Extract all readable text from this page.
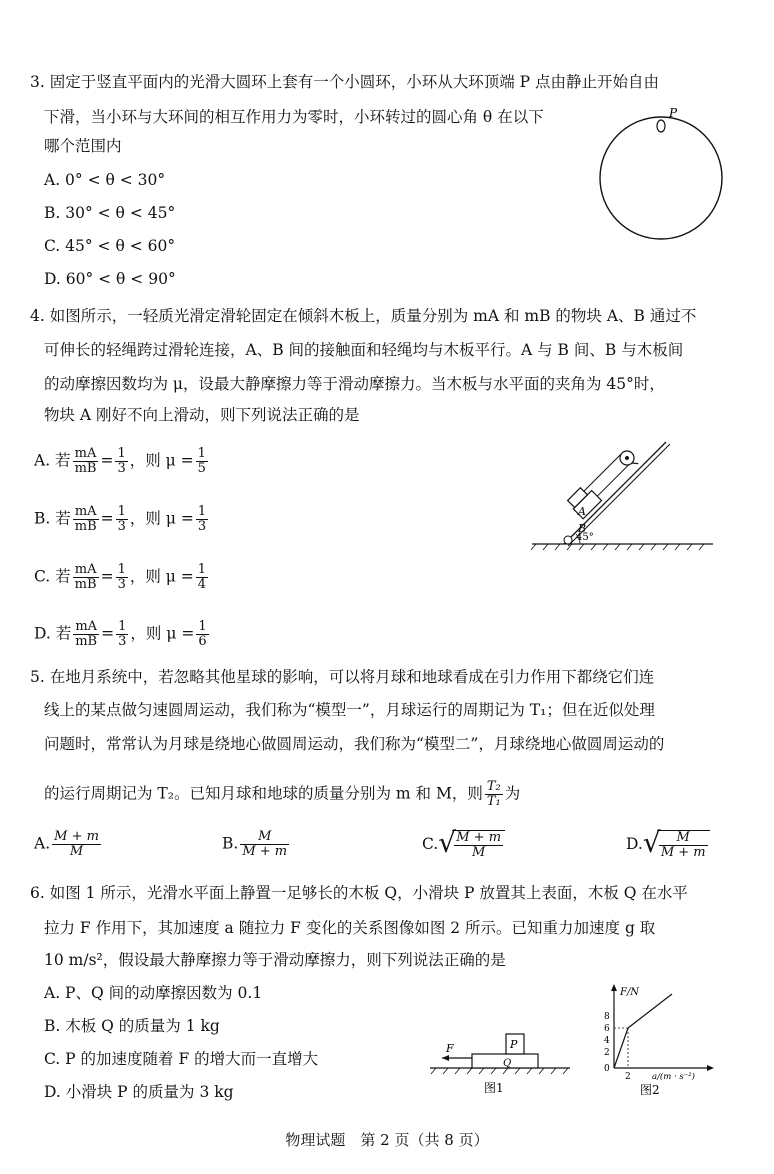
3. 固定于竖直平面内的光滑大圆环上套有一个小圆环，小环从大环顶端 P 点由静止开始自由
下滑，当小环与大环间的相互作用力为零时，小环转过的圆心角 θ 在以下
哪个范围内
A. 0° < θ < 30°
B. 30° < θ < 45°
C. 45° < θ < 60°
D. 60° < θ < 90°
P
4. 如图所示，一轻质光滑定滑轮固定在倾斜木板上，质量分别为 mA 和 mB 的物块 A、B 通过不
可伸长的轻绳跨过滑轮连接，A、B 间的接触面和轻绳均与木板平行。A 与 B 间、B 与木板间
的动摩擦因数均为 μ，设最大静摩擦力等于滑动摩擦力。当木板与水平面的夹角为 45°时，
物块 A 刚好不向上滑动，则下列说法正确的是
A. 若 $\frac{mA}{mB} = \frac{1}{3}$ ，则 $\mu = \frac{1}{5}$
B. 若 $\frac{mA}{mB} = \frac{1}{3}$ ，则 $\mu = \frac{1}{3}$
C. 若 $\frac{mA}{mB} = \frac{1}{3}$ ，则 $\mu = \frac{1}{4}$
D. 若 $\frac{mA}{mB} = \frac{1}{3}$ ，则 $\mu = \frac{1}{6}$
A
B
45°
5. 在地月系统中，若忽略其他星球的影响，可以将月球和地球看成在引力作用下都绕它们连
线上的某点做匀速圆周运动，我们称为“模型一”，月球运行的周期记为 T₁；但在近似处理
问题时，常常认为月球是绕地心做圆周运动，我们称为“模型二”，月球绕地心做圆周运动的
的运行周期记为 T₂。已知月球和地球的质量分别为 m 和 M，则 $\frac{\text{T₂}}{\text{T₁}}$ 为
A. $\frac{M + m}{M}$	B. $\frac{M}{M + m}$	C. √
$\frac{M + m}{M}$	D. √
$\frac{M}{M + m}$
6. 如图 1 所示，光滑水平面上静置一足够长的木板 Q，小滑块 P 放置其上表面，木板 Q 在水平
拉力 F 作用下，其加速度 a 随拉力 F 变化的关系图像如图 2 所示。已知重力加速度 g 取
10 m/s²，假设最大静摩擦力等于滑动摩擦力，则下列说法正确的是
A. P、Q 间的动摩擦因数为 0.1
B. 木板 Q 的质量为 1 kg
C. P 的加速度随着 F 的增大而一直增大
D. 小滑块 P 的质量为 3 kg
F	P
Q
图1
F/N
8
6
4
2
0
2	a/(m · s⁻²)
图2
物理试题　第 2 页（共 8 页）
